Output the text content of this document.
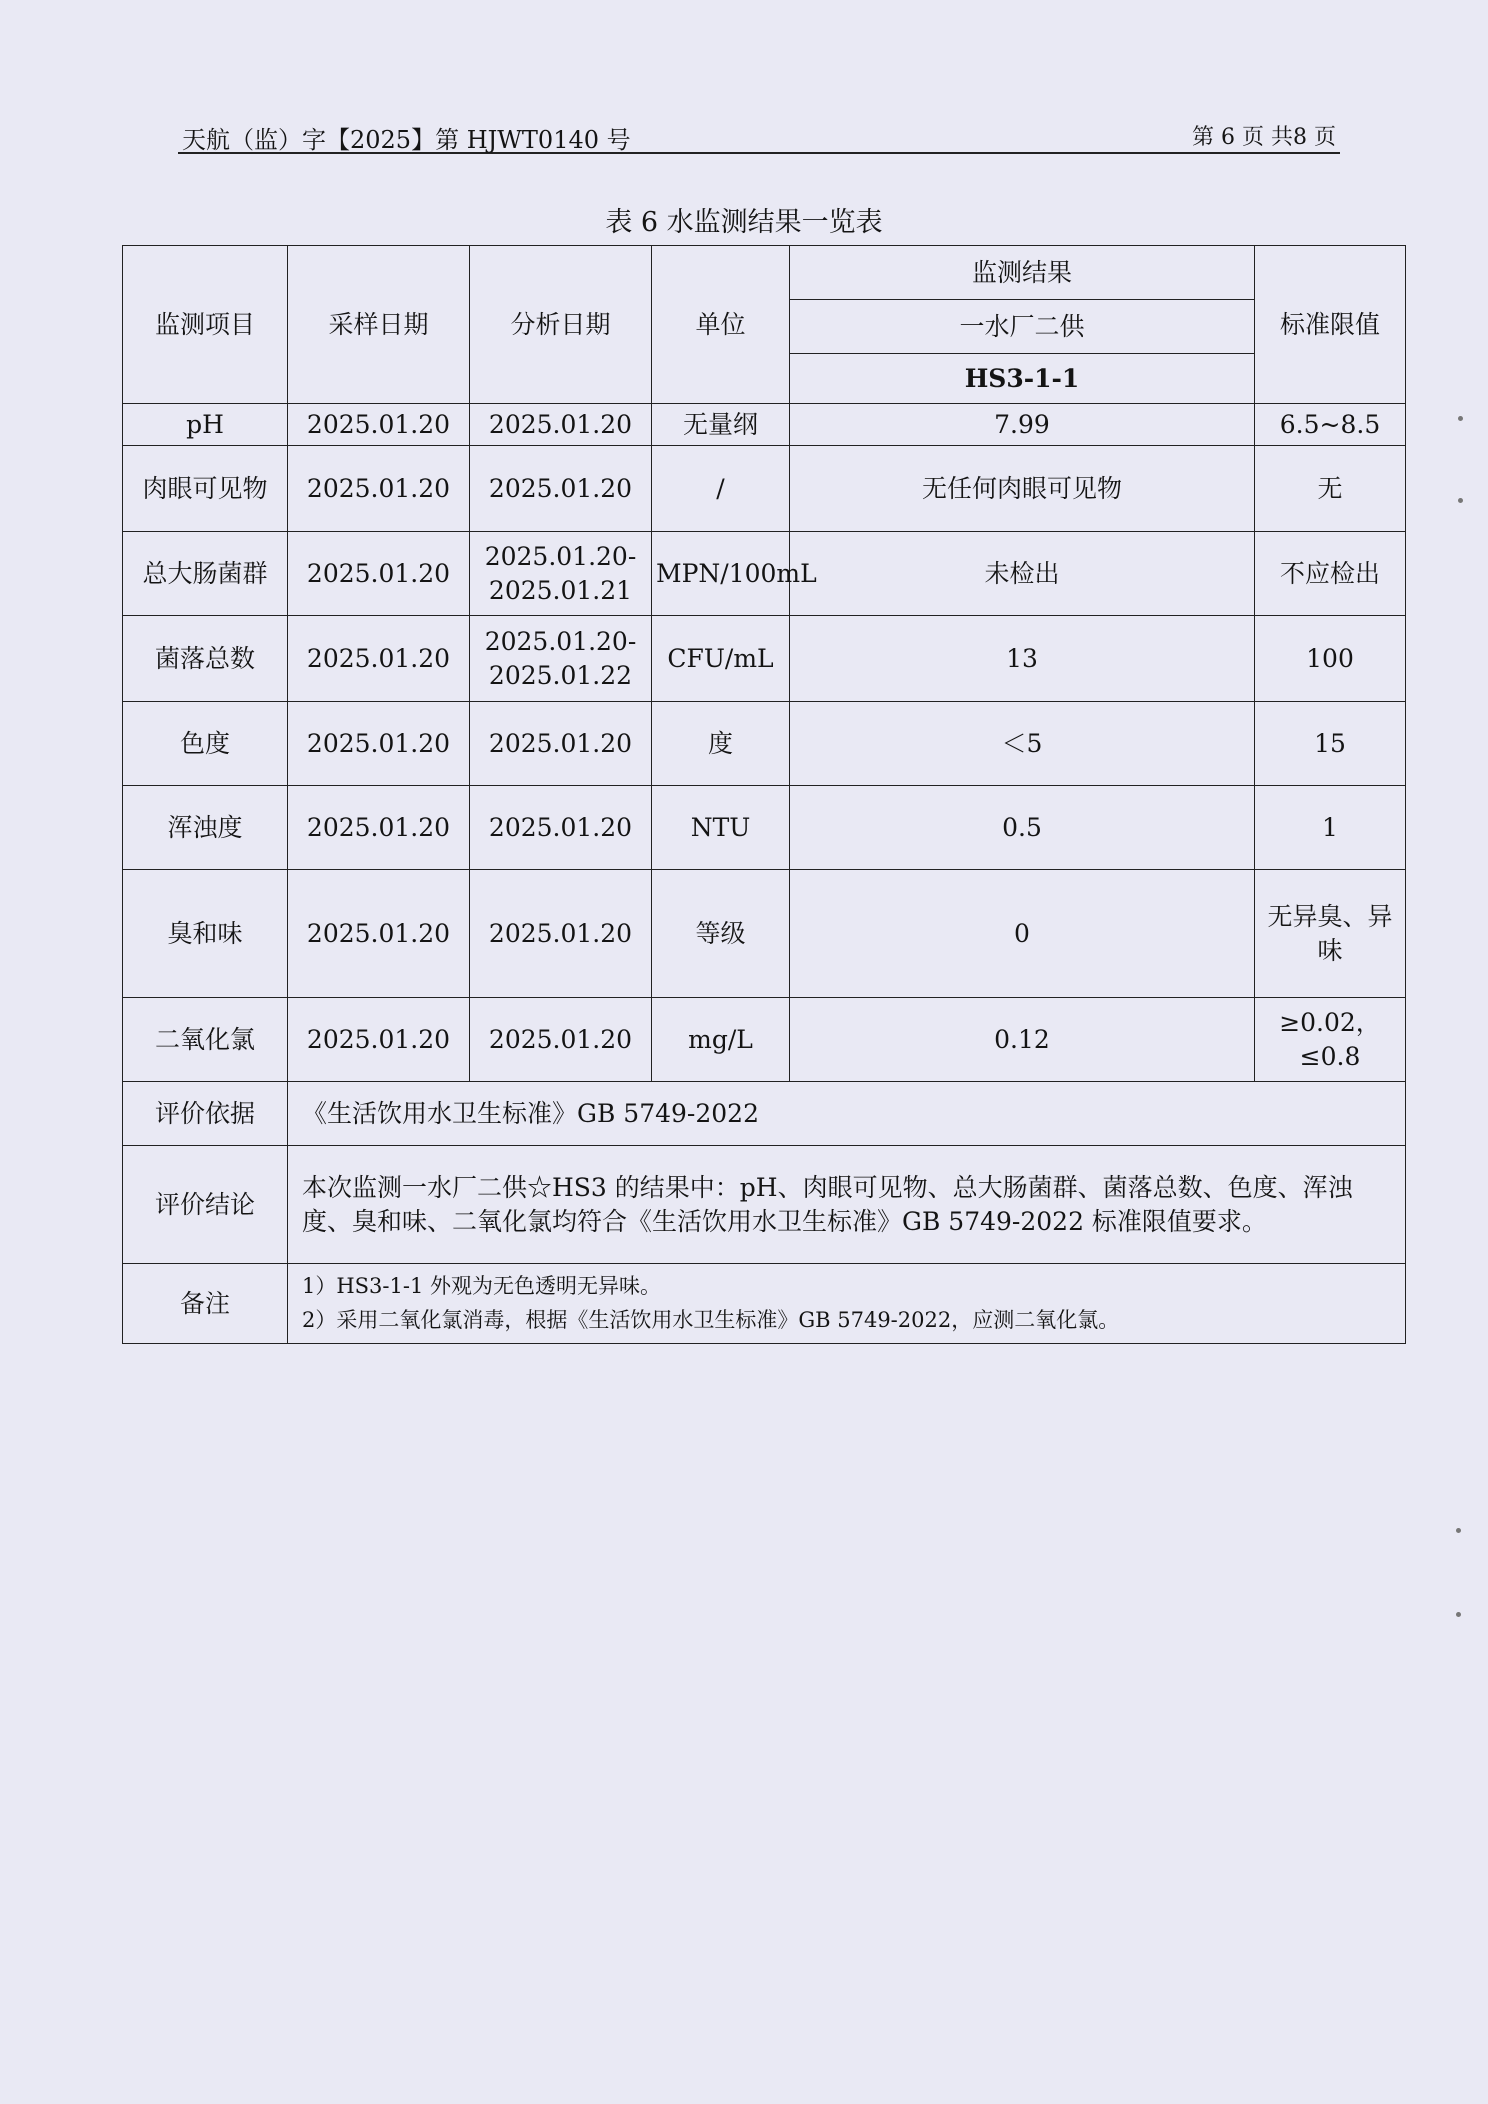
天航（监）字【2025】第 HJWT0140 号	第 6 页 共8 页
表 6 水监测结果一览表
监测项目	采样日期	分析日期	单位	监测结果	标准限值
				一水厂二供	
				HS3-1-1	
pH	2025.01.20	2025.01.20	无量纲	7.99	6.5~8.5
肉眼可见物	2025.01.20	2025.01.20	/	无任何肉眼可见物	无
总大肠菌群	2025.01.20	2025.01.20-2025.01.21	MPN/100mL	未检出	不应检出
菌落总数	2025.01.20	2025.01.20-2025.01.22	CFU/mL	13	100
色度	2025.01.20	2025.01.20	度	＜5	15
浑浊度	2025.01.20	2025.01.20	NTU	0.5	1
臭和味	2025.01.20	2025.01.20	等级	0	无异臭、异味
二氧化氯	2025.01.20	2025.01.20	mg/L	0.12	≥0.02，≤0.8
评价依据	《生活饮用水卫生标准》GB 5749-2022				
评价结论	本次监测一水厂二供☆HS3 的结果中：pH、肉眼可见物、总大肠菌群、菌落总数、色度、浑浊度、臭和味、二氧化氯均符合《生活饮用水卫生标准》GB 5749-2022 标准限值要求。				
备注	1）HS3-1-1 外观为无色透明无异味。
2）采用二氧化氯消毒，根据《生活饮用水卫生标准》GB 5749-2022，应测二氧化氯。				
